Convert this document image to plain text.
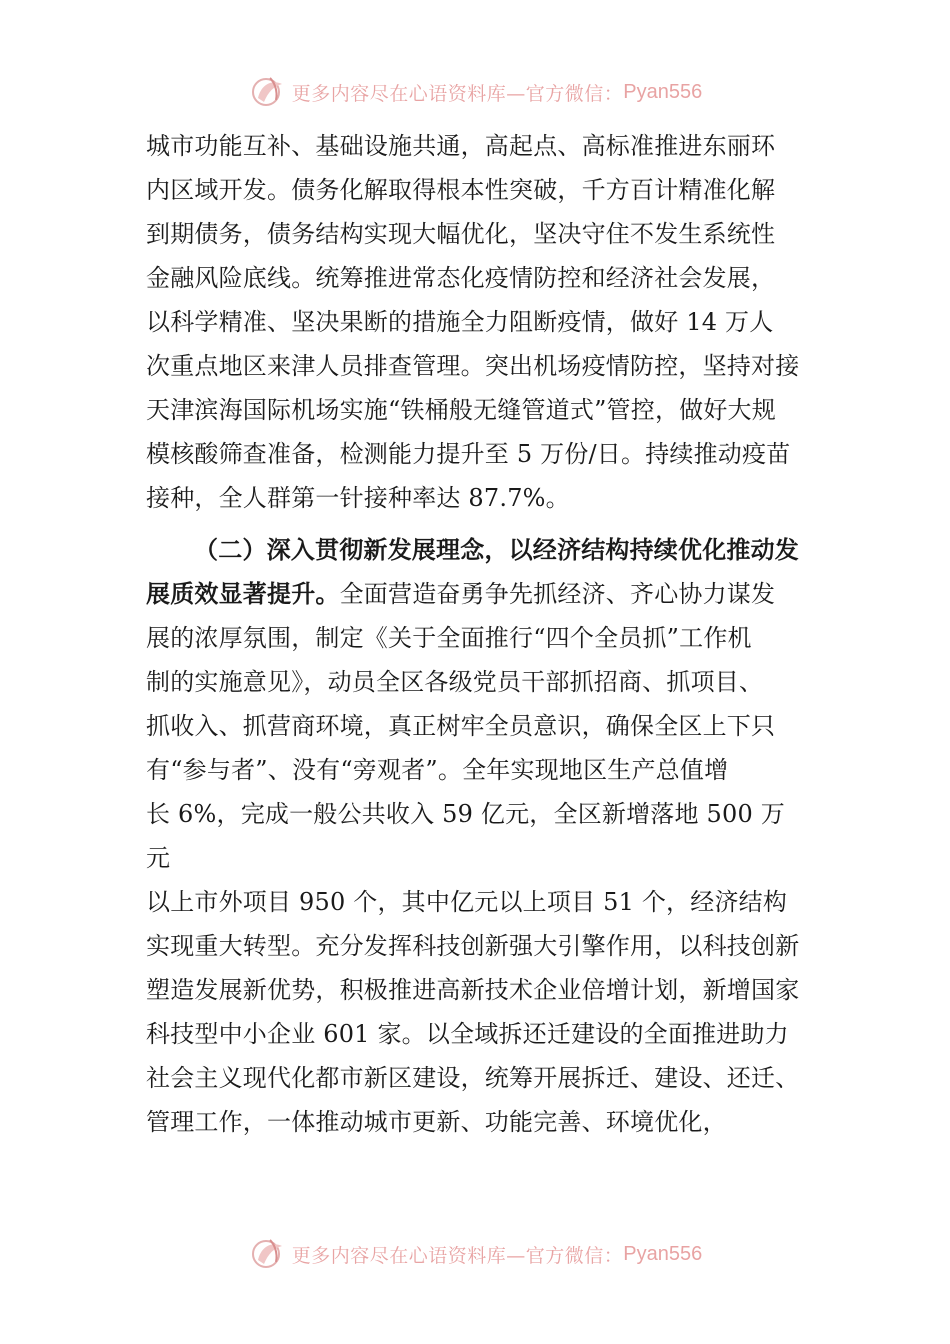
更多内容尽在心语资料库—官方微信： Pyan556
城市功能互补、基础设施共通，高起点、高标准推进东丽环
内区域开发。债务化解取得根本性突破，千方百计精准化解
到期债务，债务结构实现大幅优化，坚决守住不发生系统性
金融风险底线。统筹推进常态化疫情防控和经济社会发展，
以科学精准、坚决果断的措施全力阻断疫情，做好 14 万人
次重点地区来津人员排查管理。突出机场疫情防控，坚持对接
天津滨海国际机场实施“铁桶般无缝管道式”管控，做好大规
模核酸筛查准备，检测能力提升至 5 万份/日。持续推动疫苗
接种，全人群第一针接种率达 87.7%。
（二）深入贯彻新发展理念，以经济结构持续优化推动发
展质效显著提升。全面营造奋勇争先抓经济、齐心协力谋发
展的浓厚氛围，制定《关于全面推行“四个全员抓”工作机
制的实施意见》，动员全区各级党员干部抓招商、抓项目、
抓收入、抓营商环境，真正树牢全员意识，确保全区上下只
有“参与者”、没有“旁观者”。全年实现地区生产总值增
长 6%，完成一般公共收入 59 亿元，全区新增落地 500 万
元
以上市外项目 950 个，其中亿元以上项目 51 个，经济结构
实现重大转型。充分发挥科技创新强大引擎作用，以科技创新
塑造发展新优势，积极推进高新技术企业倍增计划，新增国家
科技型中小企业 601 家。以全域拆还迁建设的全面推进助力
社会主义现代化都市新区建设，统筹开展拆迁、建设、还迁、
管理工作，一体推动城市更新、功能完善、环境优化，
更多内容尽在心语资料库—官方微信： Pyan556
